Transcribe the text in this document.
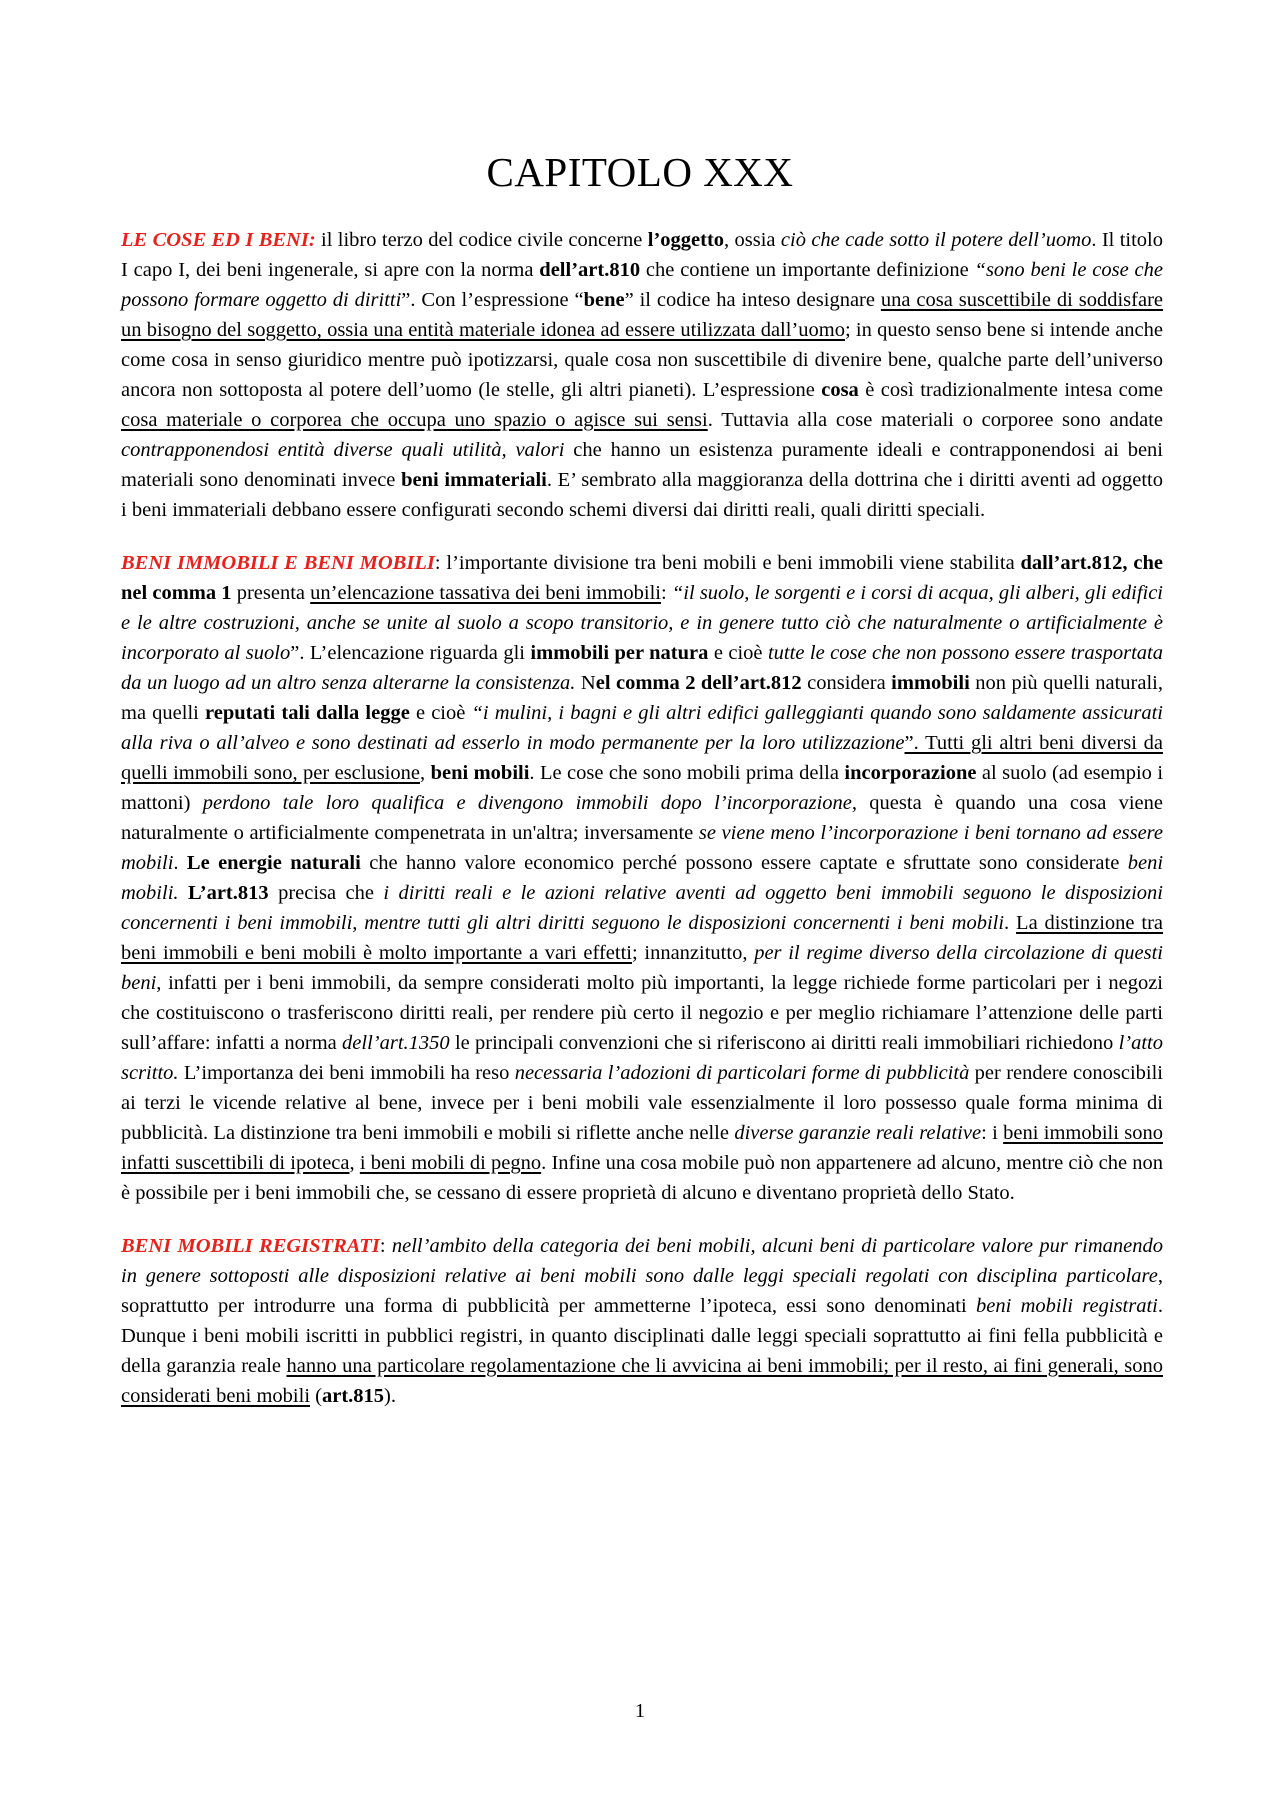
CAPITOLO XXX

LE COSE ED I BENI: il libro terzo del codice civile concerne l’oggetto, ossia ciò che cade sotto il potere dell’uomo. Il titolo I capo I, dei beni ingenerale, si apre con la norma dell’art.810 che contiene un importante definizione “sono beni le cose che possono formare oggetto di diritti”. Con l’espressione “bene” il codice ha inteso designare una cosa suscettibile di soddisfare un bisogno del soggetto, ossia una entità materiale idonea ad essere utilizzata dall’uomo; in questo senso bene si intende anche come cosa in senso giuridico mentre può ipotizzarsi, quale cosa non suscettibile di divenire bene, qualche parte dell’universo ancora non sottoposta al potere dell’uomo (le stelle, gli altri pianeti). L’espressione cosa è così tradizionalmente intesa come cosa materiale o corporea che occupa uno spazio o agisce sui sensi. Tuttavia alla cose materiali o corporee sono andate contrapponendosi entità diverse quali utilità, valori che hanno un esistenza puramente ideali e contrapponendosi ai beni materiali sono denominati invece beni immateriali. E’ sembrato alla maggioranza della dottrina che i diritti aventi ad oggetto i beni immateriali debbano essere configurati secondo schemi diversi dai diritti reali, quali diritti speciali.

BENI IMMOBILI E BENI MOBILI: l’importante divisione tra beni mobili e beni immobili viene stabilita dall’art.812, che nel comma 1 presenta un’elencazione tassativa dei beni immobili: “il suolo, le sorgenti e i corsi di acqua, gli alberi, gli edifici e le altre costruzioni, anche se unite al suolo a scopo transitorio, e in genere tutto ciò che naturalmente o artificialmente è incorporato al suolo”. L’elencazione riguarda gli immobili per natura e cioè tutte le cose che non possono essere trasportata da un luogo ad un altro senza alterarne la consistenza. Nel comma 2 dell’art.812 considera immobili non più quelli naturali, ma quelli reputati tali dalla legge e cioè “i mulini, i bagni e gli altri edifici galleggianti quando sono saldamente assicurati alla riva o all’alveo e sono destinati ad esserlo in modo permanente per la loro utilizzazione”. Tutti gli altri beni diversi da quelli immobili sono, per esclusione, beni mobili. Le cose che sono mobili prima della incorporazione al suolo (ad esempio i mattoni) perdono tale loro qualifica e divengono immobili dopo l’incorporazione, questa è quando una cosa viene naturalmente o artificialmente compenetrata in un'altra; inversamente se viene meno l’incorporazione i beni tornano ad essere mobili. Le energie naturali che hanno valore economico perché possono essere captate e sfruttate sono considerate beni mobili. L’art.813 precisa che i diritti reali e le azioni relative aventi ad oggetto beni immobili seguono le disposizioni concernenti i beni immobili, mentre tutti gli altri diritti seguono le disposizioni concernenti i beni mobili. La distinzione tra beni immobili e beni mobili è molto importante a vari effetti; innanzitutto, per il regime diverso della circolazione di questi beni, infatti per i beni immobili, da sempre considerati molto più importanti, la legge richiede forme particolari per i negozi che costituiscono o trasferiscono diritti reali, per rendere più certo il negozio e per meglio richiamare l’attenzione delle parti sull’affare: infatti a norma dell’art.1350 le principali convenzioni che si riferiscono ai diritti reali immobiliari richiedono l’atto scritto. L’importanza dei beni immobili ha reso necessaria l’adozioni di particolari forme di pubblicità per rendere conoscibili ai terzi le vicende relative al bene, invece per i beni mobili vale essenzialmente il loro possesso quale forma minima di pubblicità. La distinzione tra beni immobili e mobili si riflette anche nelle diverse garanzie reali relative: i beni immobili sono infatti suscettibili di ipoteca, i beni mobili di pegno. Infine una cosa mobile può non appartenere ad alcuno, mentre ciò che non è possibile per i beni immobili che, se cessano di essere proprietà di alcuno e diventano proprietà dello Stato.

BENI MOBILI REGISTRATI: nell’ambito della categoria dei beni mobili, alcuni beni di particolare valore pur rimanendo in genere sottoposti alle disposizioni relative ai beni mobili sono dalle leggi speciali regolati con disciplina particolare, soprattutto per introdurre una forma di pubblicità per ammetterne l’ipoteca, essi sono denominati beni mobili registrati. Dunque i beni mobili iscritti in pubblici registri, in quanto disciplinati dalle leggi speciali soprattutto ai fini fella pubblicità e della garanzia reale hanno una particolare regolamentazione che li avvicina ai beni immobili; per il resto, ai fini generali, sono considerati beni mobili (art.815).

1
